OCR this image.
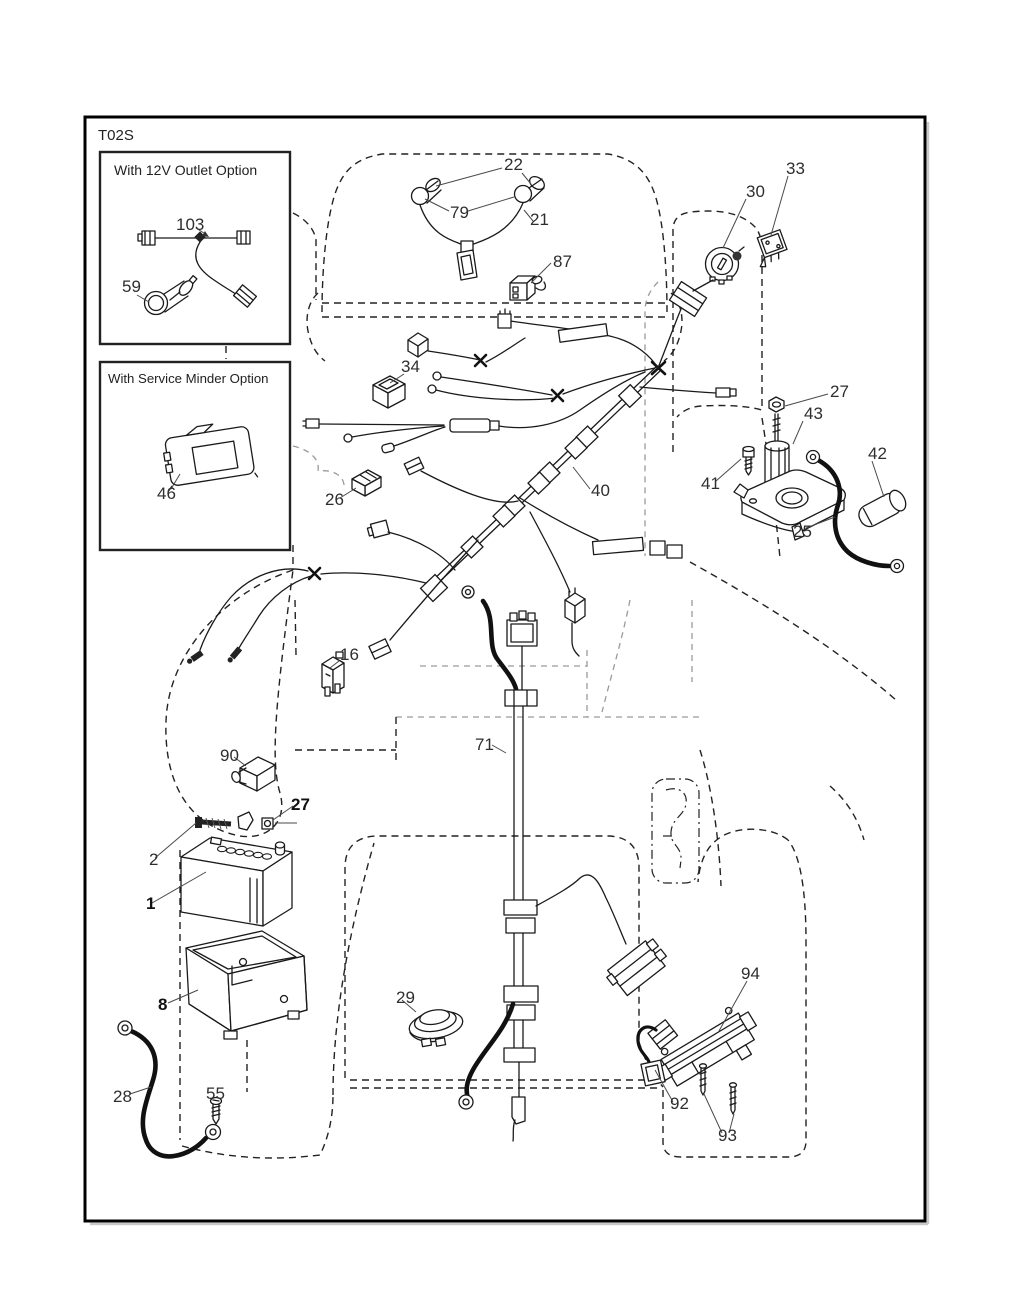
T02S
With 12V Outlet Option
With Service Minder Option
103
59
46
22
79	21
87
30
33
34
27
43
42
41
25
40
26
16
90
27
2
1
8
28	55
29
71
94
92
93
